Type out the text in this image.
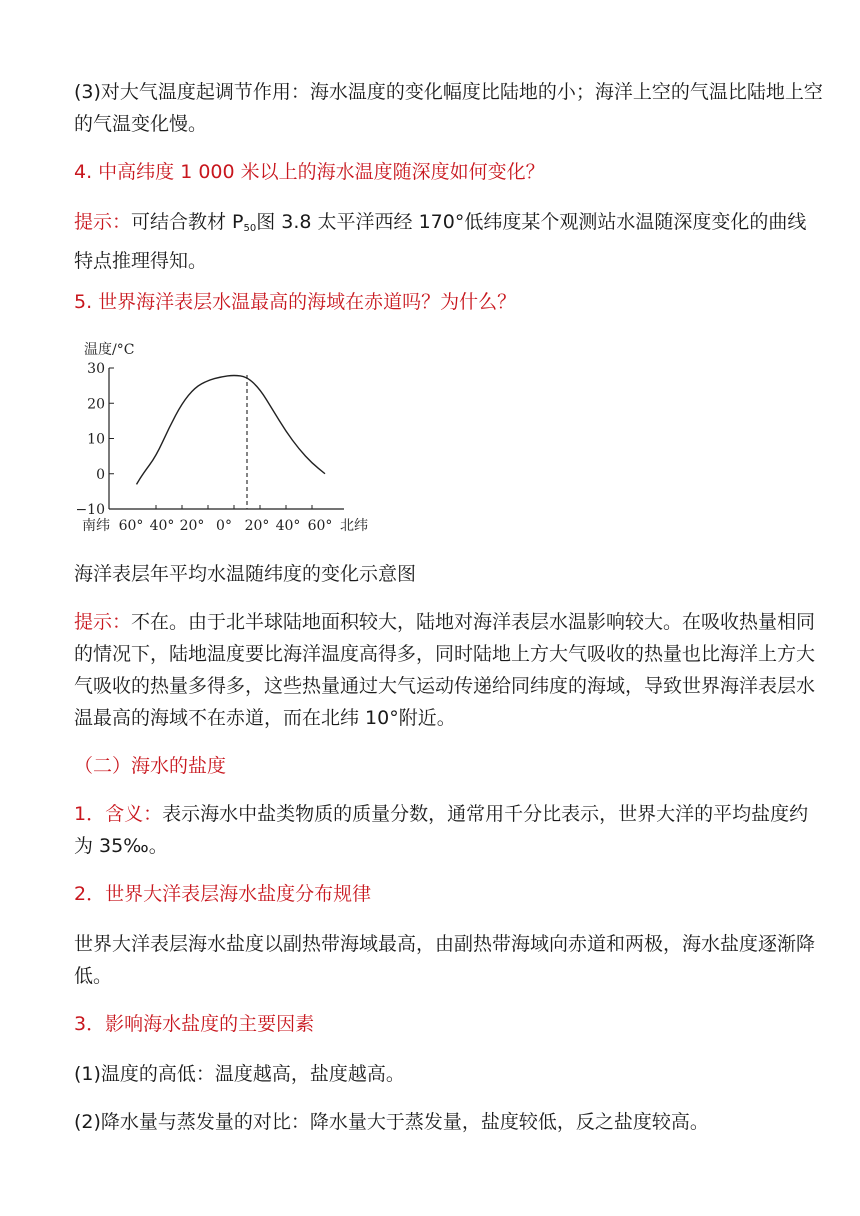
(3)对大气温度起调节作用：海水温度的变化幅度比陆地的小；海洋上空的气温比陆地上空的气温变化慢。

4. 中高纬度 1 000 米以上的海水温度随深度如何变化？

提示：可结合教材 $P_{50}$图 3.8 太平洋西经 170°低纬度某个观测站水温随深度变化的曲线特点推理得知。

5. 世界海洋表层水温最高的海域在赤道吗？为什么？

温度/°C
30
20
10
0
−10
南纬 60° 40° 20° 0° 20° 40° 60° 北纬

海洋表层年平均水温随纬度的变化示意图

提示：不在。由于北半球陆地面积较大，陆地对海洋表层水温影响较大。在吸收热量相同的情况下，陆地温度要比海洋温度高得多，同时陆地上方大气吸收的热量也比海洋上方大气吸收的热量多得多，这些热量通过大气运动传递给同纬度的海域，导致世界海洋表层水温最高的海域不在赤道，而在北纬 10°附近。

（二）海水的盐度

1．含义：表示海水中盐类物质的质量分数，通常用千分比表示，世界大洋的平均盐度约为 35‰。

2．世界大洋表层海水盐度分布规律

世界大洋表层海水盐度以副热带海域最高，由副热带海域向赤道和两极，海水盐度逐渐降低。

3．影响海水盐度的主要因素

(1)温度的高低：温度越高，盐度越高。

(2)降水量与蒸发量的对比：降水量大于蒸发量，盐度较低，反之盐度较高。
